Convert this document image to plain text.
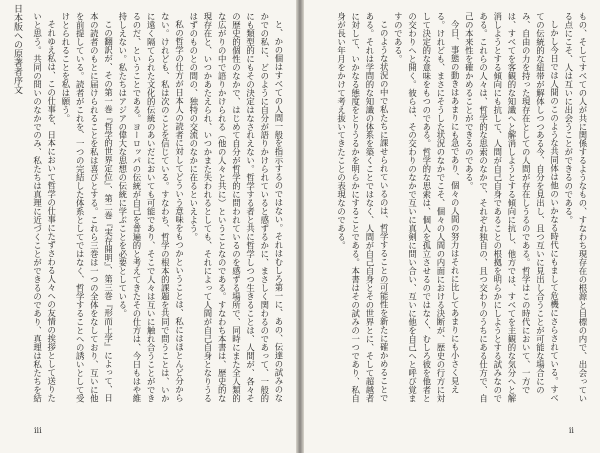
日本版への原著者序文	と、かの個はすべての人間一般を指示するのではない。それはむしろ第一に、あの、伝達の試みのなかでの私に、どのように自分が語りかけられていると感ずるかに、まさしく関わるのであって、一般的にも類型的にもその決定はなされえない。哲学する者と共に哲学しつつ生きることは、人間が、各々その歴史的個性のなかで、はじめて自分が哲学的に問われているのを感ずる場所で、同時にまた全人類的な広がりの中で語りかけられる（他の人々と共に）ということなのである。すなわち本書は、歴史的な現存在と、いつかあたえられ、いつかまた失われるとしても、それによって人間が自己自身となりうるはずのものとの間の、独特の交流のなかに在るといえよう。

私の哲学の仕方が日本人の読者に対してどういう意味をもつかということは、私にはほとんど分からない。けれども、私は次のことを信じている。すなわち、哲学の根本的課題を共同で問うことは、いかに遠く隔てられた文化的伝統のあいだにおいても可能であり、そこで人々は互いに触れ合うことができるのだ、ということである。ヨーロッパの伝統が自己を普遍的と考えてきたその仕方は、今日もはや維持しえない。私たちはアジアの偉大な思想の伝統に学ぶことを必要としている。

この翻訳が、その第一巻『哲学的世界定位』、第二巻『実存開明』、第三巻『形而上学』によって、日本の読者のもとに届けられることを私は喜びとする。これら三巻は一つの全体をなしており、互いに他を前提している。読者がこれを、一つの完結した体系としてではなく、哲学することへの誘いとして受けとられることを私は願う。

それゆえ私は、この仕事を、日本において哲学の仕事にたずさわる人々への友情の挨拶として送りたいと思う。共同の問いのなかでのみ、私たちは真理に近づくことができるのであり、真理は私たちを結

iii

もの、そしてすべての人が共に関係するようなもの、すなわち現存在の根源と目標の内で、出会っている点にこそ、人は互いに出会うことができるのである。

しかし今日では人間のこのような共同体は他のいかなる時代にもまして危機にさらされている。すべての伝統的な紐帯が解体しつつある今、自分を見出し、且つ互いに見出し合うことが可能な場合にのみ、自由の力を持った現存在としての人間が存在しうるのである。哲学はこの時代において、一方では、すべてを客観的な知識へと解消しようとする傾向に抗し、他方では、すべてを主観的な気分へと解消しようとする傾向にも抗して、人間が自己自身であることの根拠を明らかにしようとする試みなのである。これらの人々は、哲学的な思索のなかで、それぞれ独自の、且つ交わりのうちにある仕方で、自己の本来性を確かめることができるのである。

今日、事態の動きはあまりにも急であり、個々の人間の努力はそれに比してあまりにも小さく見える。けれども、まさにそうした状況のなかでこそ、個々の人間の内面における決断が、歴史の行方に対して決定的な意味をもつのである。哲学的な思索は、個人を孤立させるのではなく、むしろ彼を他者との交わりへと開く。彼らは、その交わりのなかで互いに真剣に問い合い、互いに他を自己へと呼び覚ますのである。

このような状況の中で私たちに課せられているのは、哲学することの可能性を新たに確かめることである。それは学問的な知識の体系を築くことではなく、人間が自己自身とその世界とに、そして超越者に対して、いかなる態度をとりうるかを明らかにすることである。本書はその試みの一つであり、私自身が長い年月をかけて考え抜いてきたことの表現なのである。

ii
